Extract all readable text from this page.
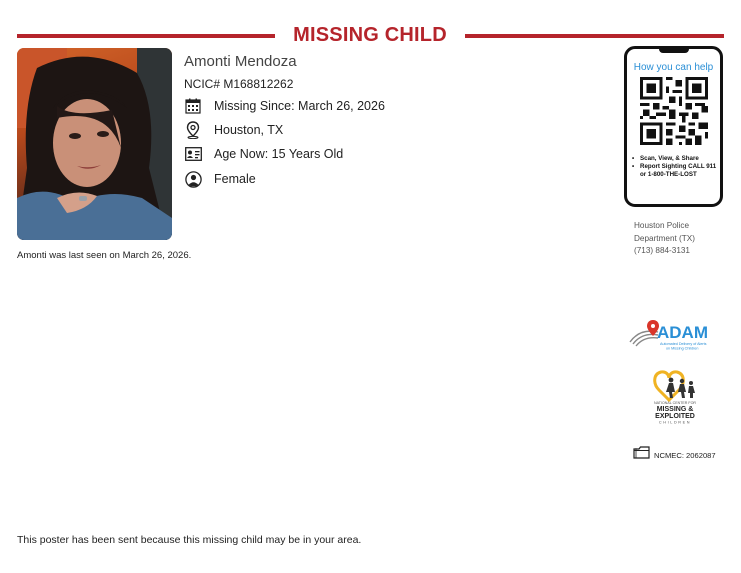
MISSING CHILD
Amonti Mendoza
NCIC# M168812262
Missing Since: March 26, 2026
Houston, TX
Age Now: 15 Years Old
Female
Amonti was last seen on March 26, 2026.
How you can help
• Scan, View, & Share
• Report Sighting CALL 911 or 1-800-THE-LOST
Houston Police
Department (TX)
(713) 884-3131
ADAM
Automated Delivery of Alerts
on Missing Children
NATIONAL CENTER FOR
MISSING &
EXPLOITED
CHILDREN
NCMEC: 2062087
This poster has been sent because this missing child may be in your area.
